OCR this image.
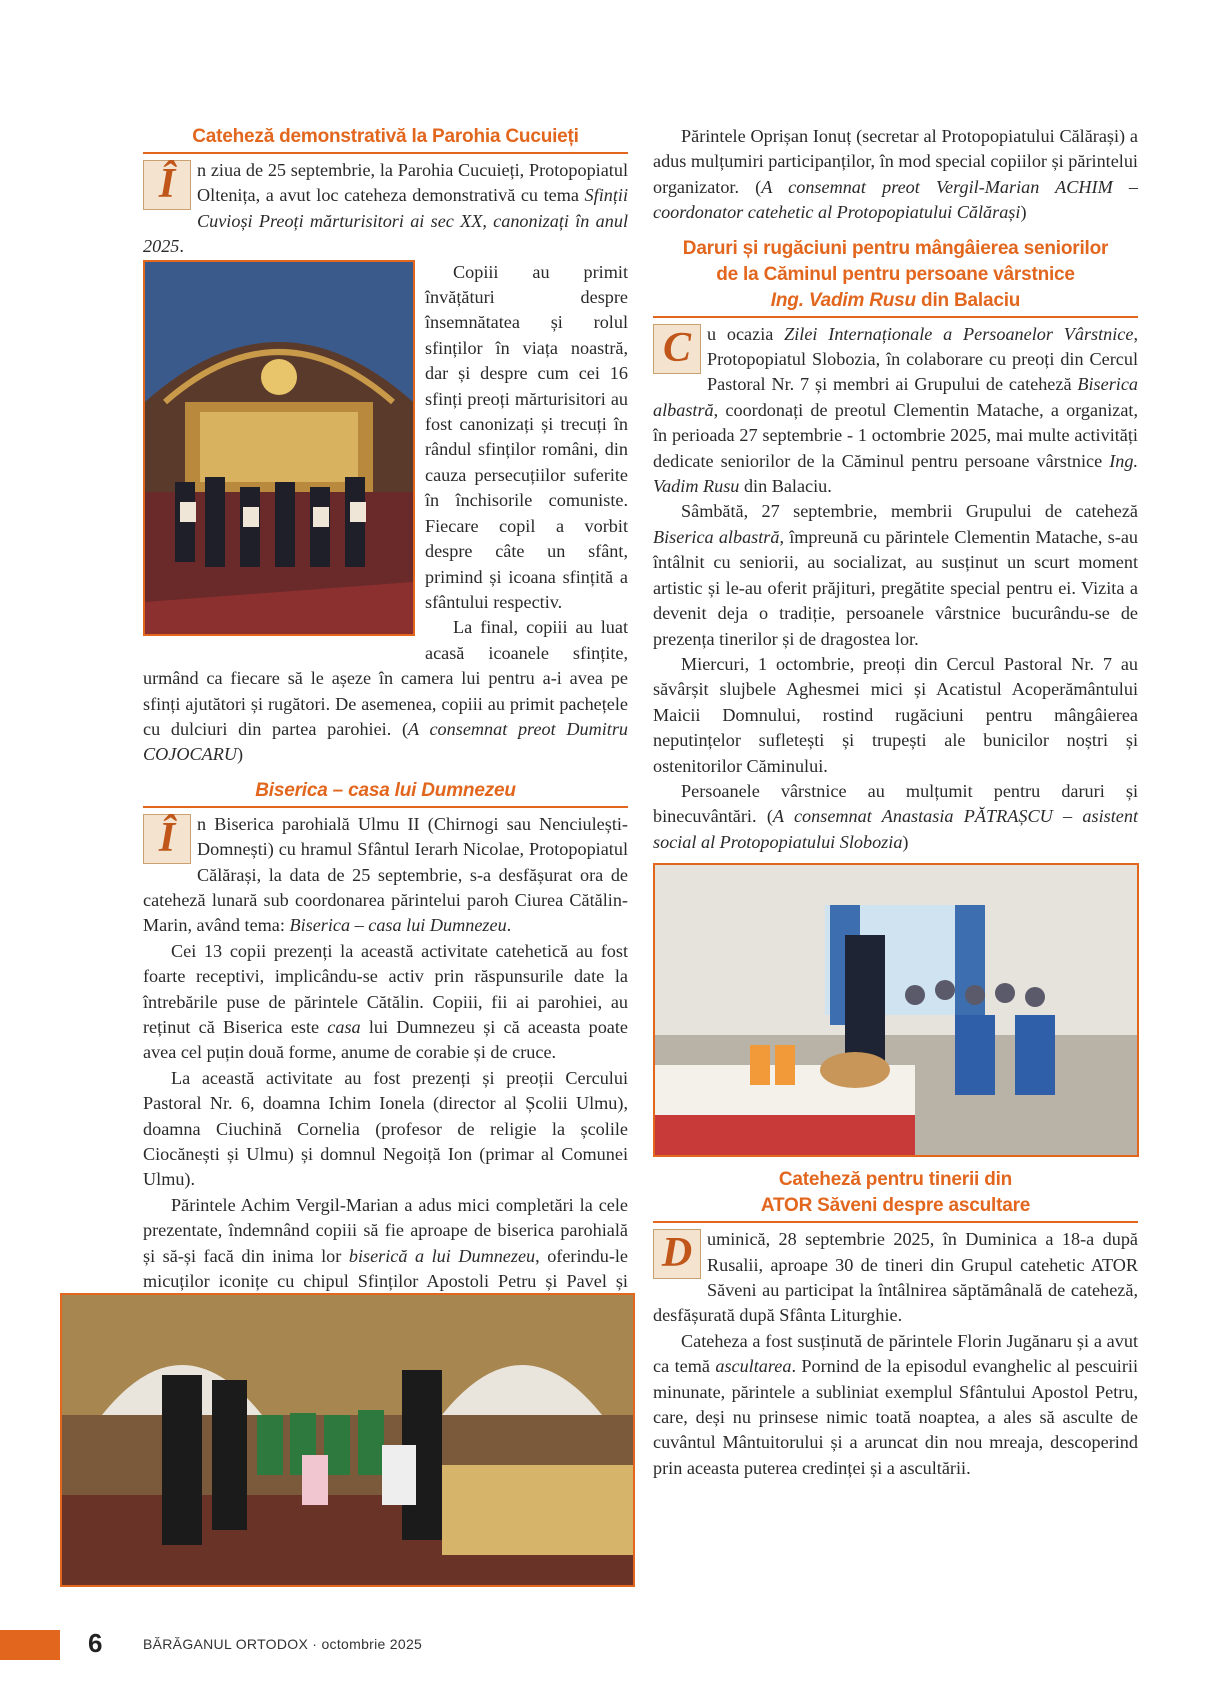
Cateheză demonstrativă la Parohia Cucuieți

Î	n ziua de 25 septembrie, la Parohia Cucuieți, Protopopiatul Oltenița, a avut loc cateheza demonstrativă cu tema Sfinții Cuvioși Preoți mărturisitori ai sec XX, canonizați în anul 2025.

Copiii au primit învățături despre însemnătatea și rolul sfinților în viața noastră, dar și despre cum cei 16 sfinți preoți mărturisitori au fost canonizați și trecuți în rândul sfinților români, din cauza persecuțiilor suferite în închisorile comuniste. Fiecare copil a vorbit despre câte un sfânt, primind și icoana sfințită a sfântului respectiv.

La final, copiii au luat acasă icoanele sfințite, urmând ca fiecare să le așeze în camera lui pentru a-i avea pe sfinți ajutători și rugători. De asemenea, copiii au primit pachețele cu dulciuri din partea parohiei. (A consemnat preot Dumitru COJOCARU)

Biserica – casa lui Dumnezeu

Î	n Biserica parohială Ulmu II (Chirnogi sau Nenciulești-Domnești) cu hramul Sfântul Ierarh Nicolae, Protopopiatul Călărași, la data de 25 septembrie, s-a desfășurat ora de cateheză lunară sub coordonarea părintelui paroh Ciurea Cătălin-Marin, având tema: Biserica – casa lui Dumnezeu.

Cei 13 copii prezenți la această activitate catehetică au fost foarte receptivi, implicându-se activ prin răspunsurile date la întrebările puse de părintele Cătălin. Copiii, fii ai parohiei, au reținut că Biserica este casa lui Dumnezeu și că aceasta poate avea cel puțin două forme, anume de corabie și de cruce.

La această activitate au fost prezenți și preoții Cercului Pastoral Nr. 6, doamna Ichim Ionela (director al Școlii Ulmu), doamna Ciuchină Cornelia (profesor de religie la școlile Ciocănești și Ulmu) și domnul Negoiță Ion (primar al Comunei Ulmu).

Părintele Achim Vergil-Marian a adus mici completări la cele prezentate, îndemnând copiii să fie aproape de biserica parohială și să-și facă din inima lor biserică a lui Dumnezeu, oferindu-le micuților iconițe cu chipul Sfinților Apostoli Petru și Pavel și

Părintele Oprișan Ionuț (secretar al Protopopiatului Călărași) a adus mulțumiri participanților, în mod special copiilor și părintelui organizator. (A consemnat preot Vergil-Marian ACHIM – coordonator catehetic al Protopopiatului Călărași)

Daruri și rugăciuni pentru mângâierea seniorilor
de la Căminul pentru persoane vârstnice
Ing. Vadim Rusu din Balaciu

C u ocazia Zilei Internaționale a Persoanelor Vârstnice, Protopopiatul Slobozia, în colaborare cu preoți din Cercul Pastoral Nr. 7 și membri ai Grupului de cateheză Biserica albastră, coordonați de preotul Clementin Matache, a organizat, în perioada 27 septembrie - 1 octombrie 2025, mai multe activități dedicate seniorilor de la Căminul pentru persoane vârstnice Ing. Vadim Rusu din Balaciu.

Sâmbătă, 27 septembrie, membrii Grupului de cateheză Biserica albastră, împreună cu părintele Clementin Matache, s-au întâlnit cu seniorii, au socializat, au susținut un scurt moment artistic și le-au oferit prăjituri, pregătite special pentru ei. Vizita a devenit deja o tradiție, persoanele vârstnice bucurându-se de prezența tinerilor și de dragostea lor.

Miercuri, 1 octombrie, preoți din Cercul Pastoral Nr. 7 au săvârșit slujbele Aghesmei mici și Acatistul Acoperământului Maicii Domnului, rostind rugăciuni pentru mângâierea neputințelor sufletești și trupești ale bunicilor noștri și ostenitorilor Căminului.

Persoanele vârstnice au mulțumit pentru daruri și binecuvântări. (A consemnat Anastasia PĂTRAȘCU – asistent social al Protopopiatului Slobozia)

Cateheză pentru tinerii din
ATOR Săveni despre ascultare

D uminică, 28 septembrie 2025, în Duminica a 18-a după Rusalii, aproape 30 de tineri din Grupul catehetic ATOR Săveni au participat la întâlnirea săptămânală de cateheză, desfășurată după Sfânta Liturghie.

Cateheza a fost susținută de părintele Florin Jugănaru și a avut ca temă ascultarea. Pornind de la episodul evanghelic al pescuirii minunate, părintele a subliniat exemplul Sfântului Apostol Petru, care, deși nu prinsese nimic toată noaptea, a ales să asculte de cuvântul Mântuitorului și a aruncat din nou mreaja, descoperind prin aceasta puterea credinței și a ascultării.

6	BĂRĂGANUL ORTODOX · octombrie 2025
